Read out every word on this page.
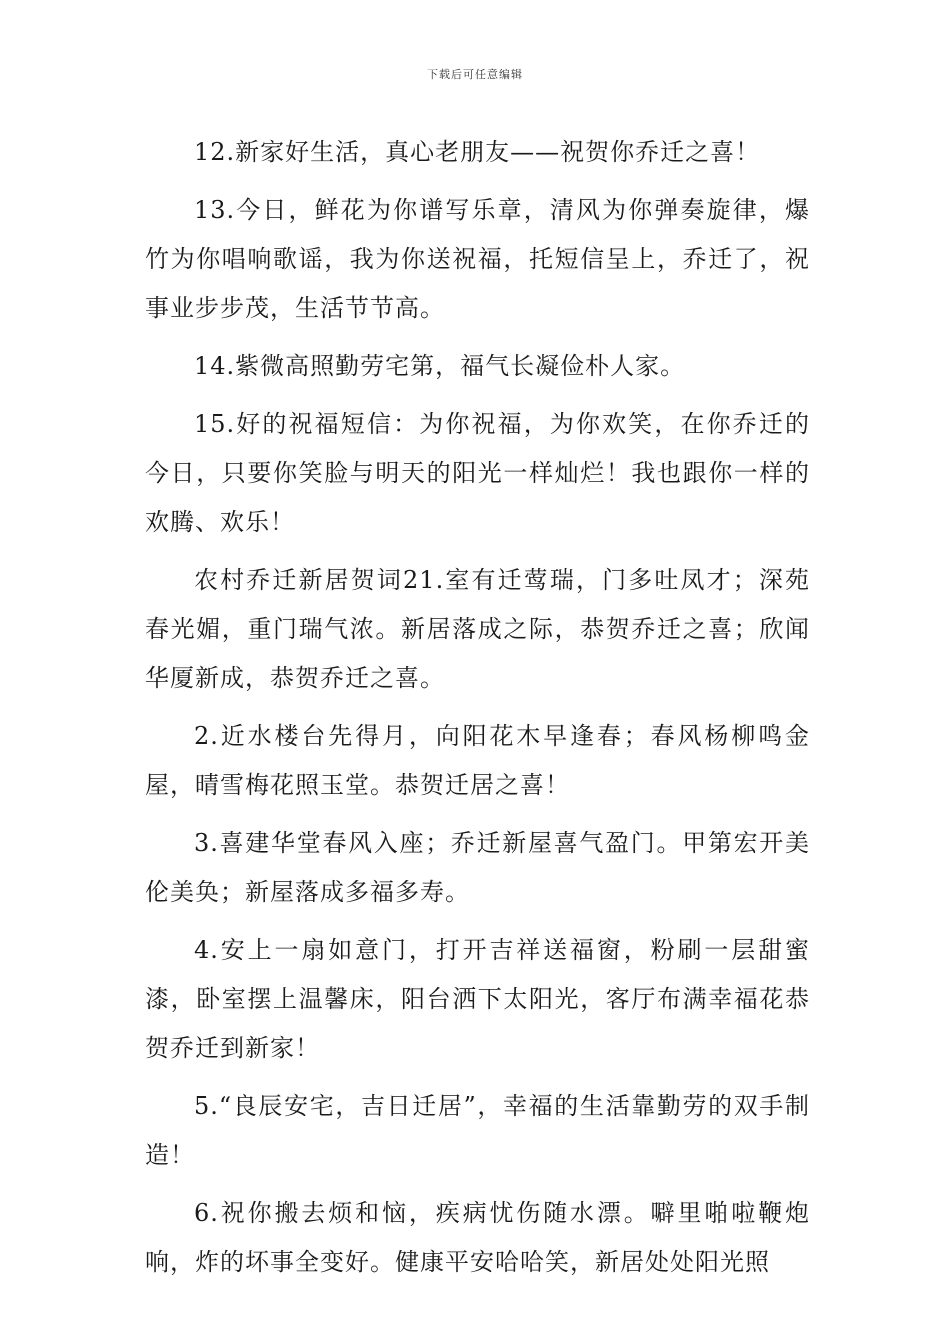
下载后可任意编辑

12.新家好生活，真心老朋友——祝贺你乔迁之喜！

13.今日，鲜花为你谱写乐章，清风为你弹奏旋律，爆竹为你唱响歌谣，我为你送祝福，托短信呈上，乔迁了，祝事业步步茂，生活节节高。

14.紫微高照勤劳宅第，福气长凝俭朴人家。

15.好的祝福短信：为你祝福，为你欢笑，在你乔迁的今日，只要你笑脸与明天的阳光一样灿烂！我也跟你一样的欢腾、欢乐！

农村乔迁新居贺词21.室有迁莺瑞，门多吐凤才；深苑春光媚，重门瑞气浓。新居落成之际，恭贺乔迁之喜；欣闻华厦新成，恭贺乔迁之喜。

2.近水楼台先得月，向阳花木早逢春；春风杨柳鸣金屋，晴雪梅花照玉堂。恭贺迁居之喜！

3.喜建华堂春风入座；乔迁新屋喜气盈门。甲第宏开美伦美奂；新屋落成多福多寿。

4.安上一扇如意门，打开吉祥送福窗，粉刷一层甜蜜漆，卧室摆上温馨床，阳台洒下太阳光，客厅布满幸福花恭贺乔迁到新家！

5.“良辰安宅，吉日迁居”，幸福的生活靠勤劳的双手制造！

6.祝你搬去烦和恼，疾病忧伤随水漂。噼里啪啦鞭炮响，炸的坏事全变好。健康平安哈哈笑，新居处处阳光照
